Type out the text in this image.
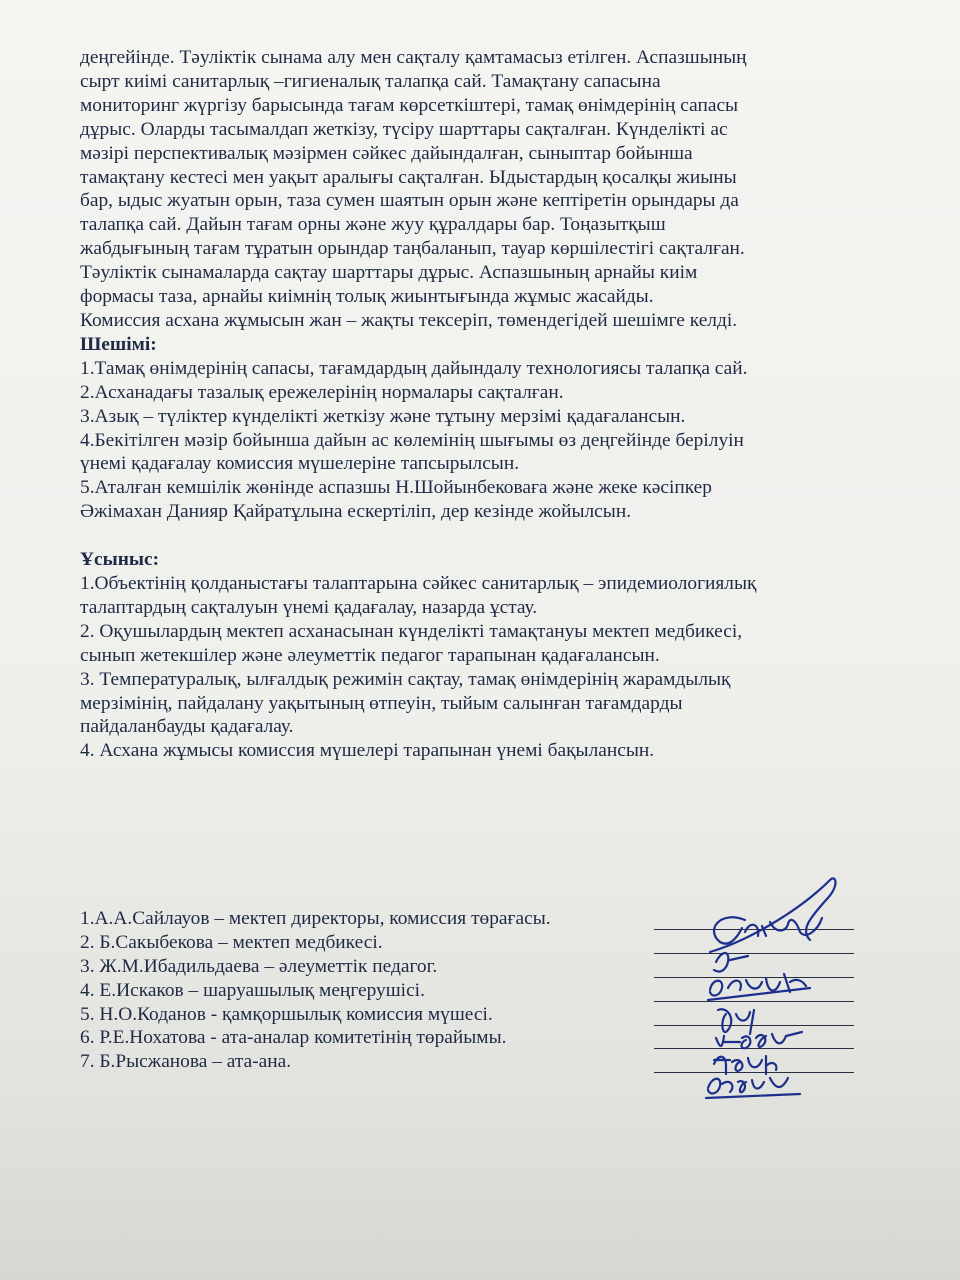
деңгейінде. Тәуліктік сынама алу мен сақталу қамтамасыз етілген. Аспазшының
сырт киімі санитарлық –гигиеналық талапқа сай. Тамақтану сапасына
мониторинг жүргізу барысында тағам көрсеткіштері, тамақ өнімдерінің сапасы
дұрыс. Оларды тасымалдап жеткізу, түсіру шарттары сақталған. Күнделікті ас
мәзірі перспективалық мәзірмен сәйкес дайындалған, сыныптар бойынша
тамақтану кестесі мен уақыт аралығы сақталған. Ыдыстардың қосалқы жиыны
бар, ыдыс жуатын орын, таза сумен шаятын орын және кептіретін орындары да
талапқа сай. Дайын тағам орны және жуу құралдары бар. Тоңазытқыш
жабдығының тағам тұратын орындар таңбаланып, тауар көршілестігі сақталған.
Тәуліктік сынамаларда сақтау шарттары дұрыс. Аспазшының арнайы киім
формасы таза, арнайы киімнің толық жиынтығында жұмыс жасайды.
Комиссия асхана жұмысын жан – жақты тексеріп, төмендегідей шешімге келді.
Шешімі:
1.Тамақ өнімдерінің сапасы, тағамдардың дайындалу технологиясы талапқа сай.
2.Асханадағы тазалық ережелерінің нормалары сақталған.
3.Азық – түліктер күнделікті жеткізу және тұтыну мерзімі қадағалансын.
4.Бекітілген мәзір бойынша дайын ас көлемінің шығымы өз деңгейінде берілуін
үнемі қадағалау комиссия мүшелеріне тапсырылсын.
5.Аталған кемшілік жөнінде аспазшы Н.Шойынбековаға және жеке кәсіпкер
Әжімахан Данияр Қайратұлына ескертіліп, дер кезінде жойылсын.
Ұсыныс:
1.Объектінің қолданыстағы талаптарына сәйкес санитарлық – эпидемиологиялық
талаптардың сақталуын үнемі қадағалау, назарда ұстау.
2. Оқушылардың мектеп асханасынан күнделікті тамақтануы мектеп медбикесі,
сынып жетекшілер және әлеуметтік педагог тарапынан қадағалансын.
3. Температуралық, ылғалдық режимін сақтау, тамақ өнімдерінің жарамдылық
мерзімінің, пайдалану уақытының өтпеуін, тыйым салынған тағамдарды
пайдаланбауды қадағалау.
4. Асхана жұмысы комиссия мүшелері тарапынан үнемі бақылансын.
1.А.А.Сайлауов – мектеп директоры, комиссия төрағасы.
2. Б.Сакыбекова – мектеп медбикесі.
3. Ж.М.Ибадильдаева – әлеуметтік педагог.
4. Е.Искаков – шаруашылық меңгерушісі.
5. Н.О.Коданов - қамқоршылық комиссия мүшесі.
6. Р.Е.Нохатова - ата-аналар комитетінің төрайымы.
7. Б.Рысжанова – ата-ана.
